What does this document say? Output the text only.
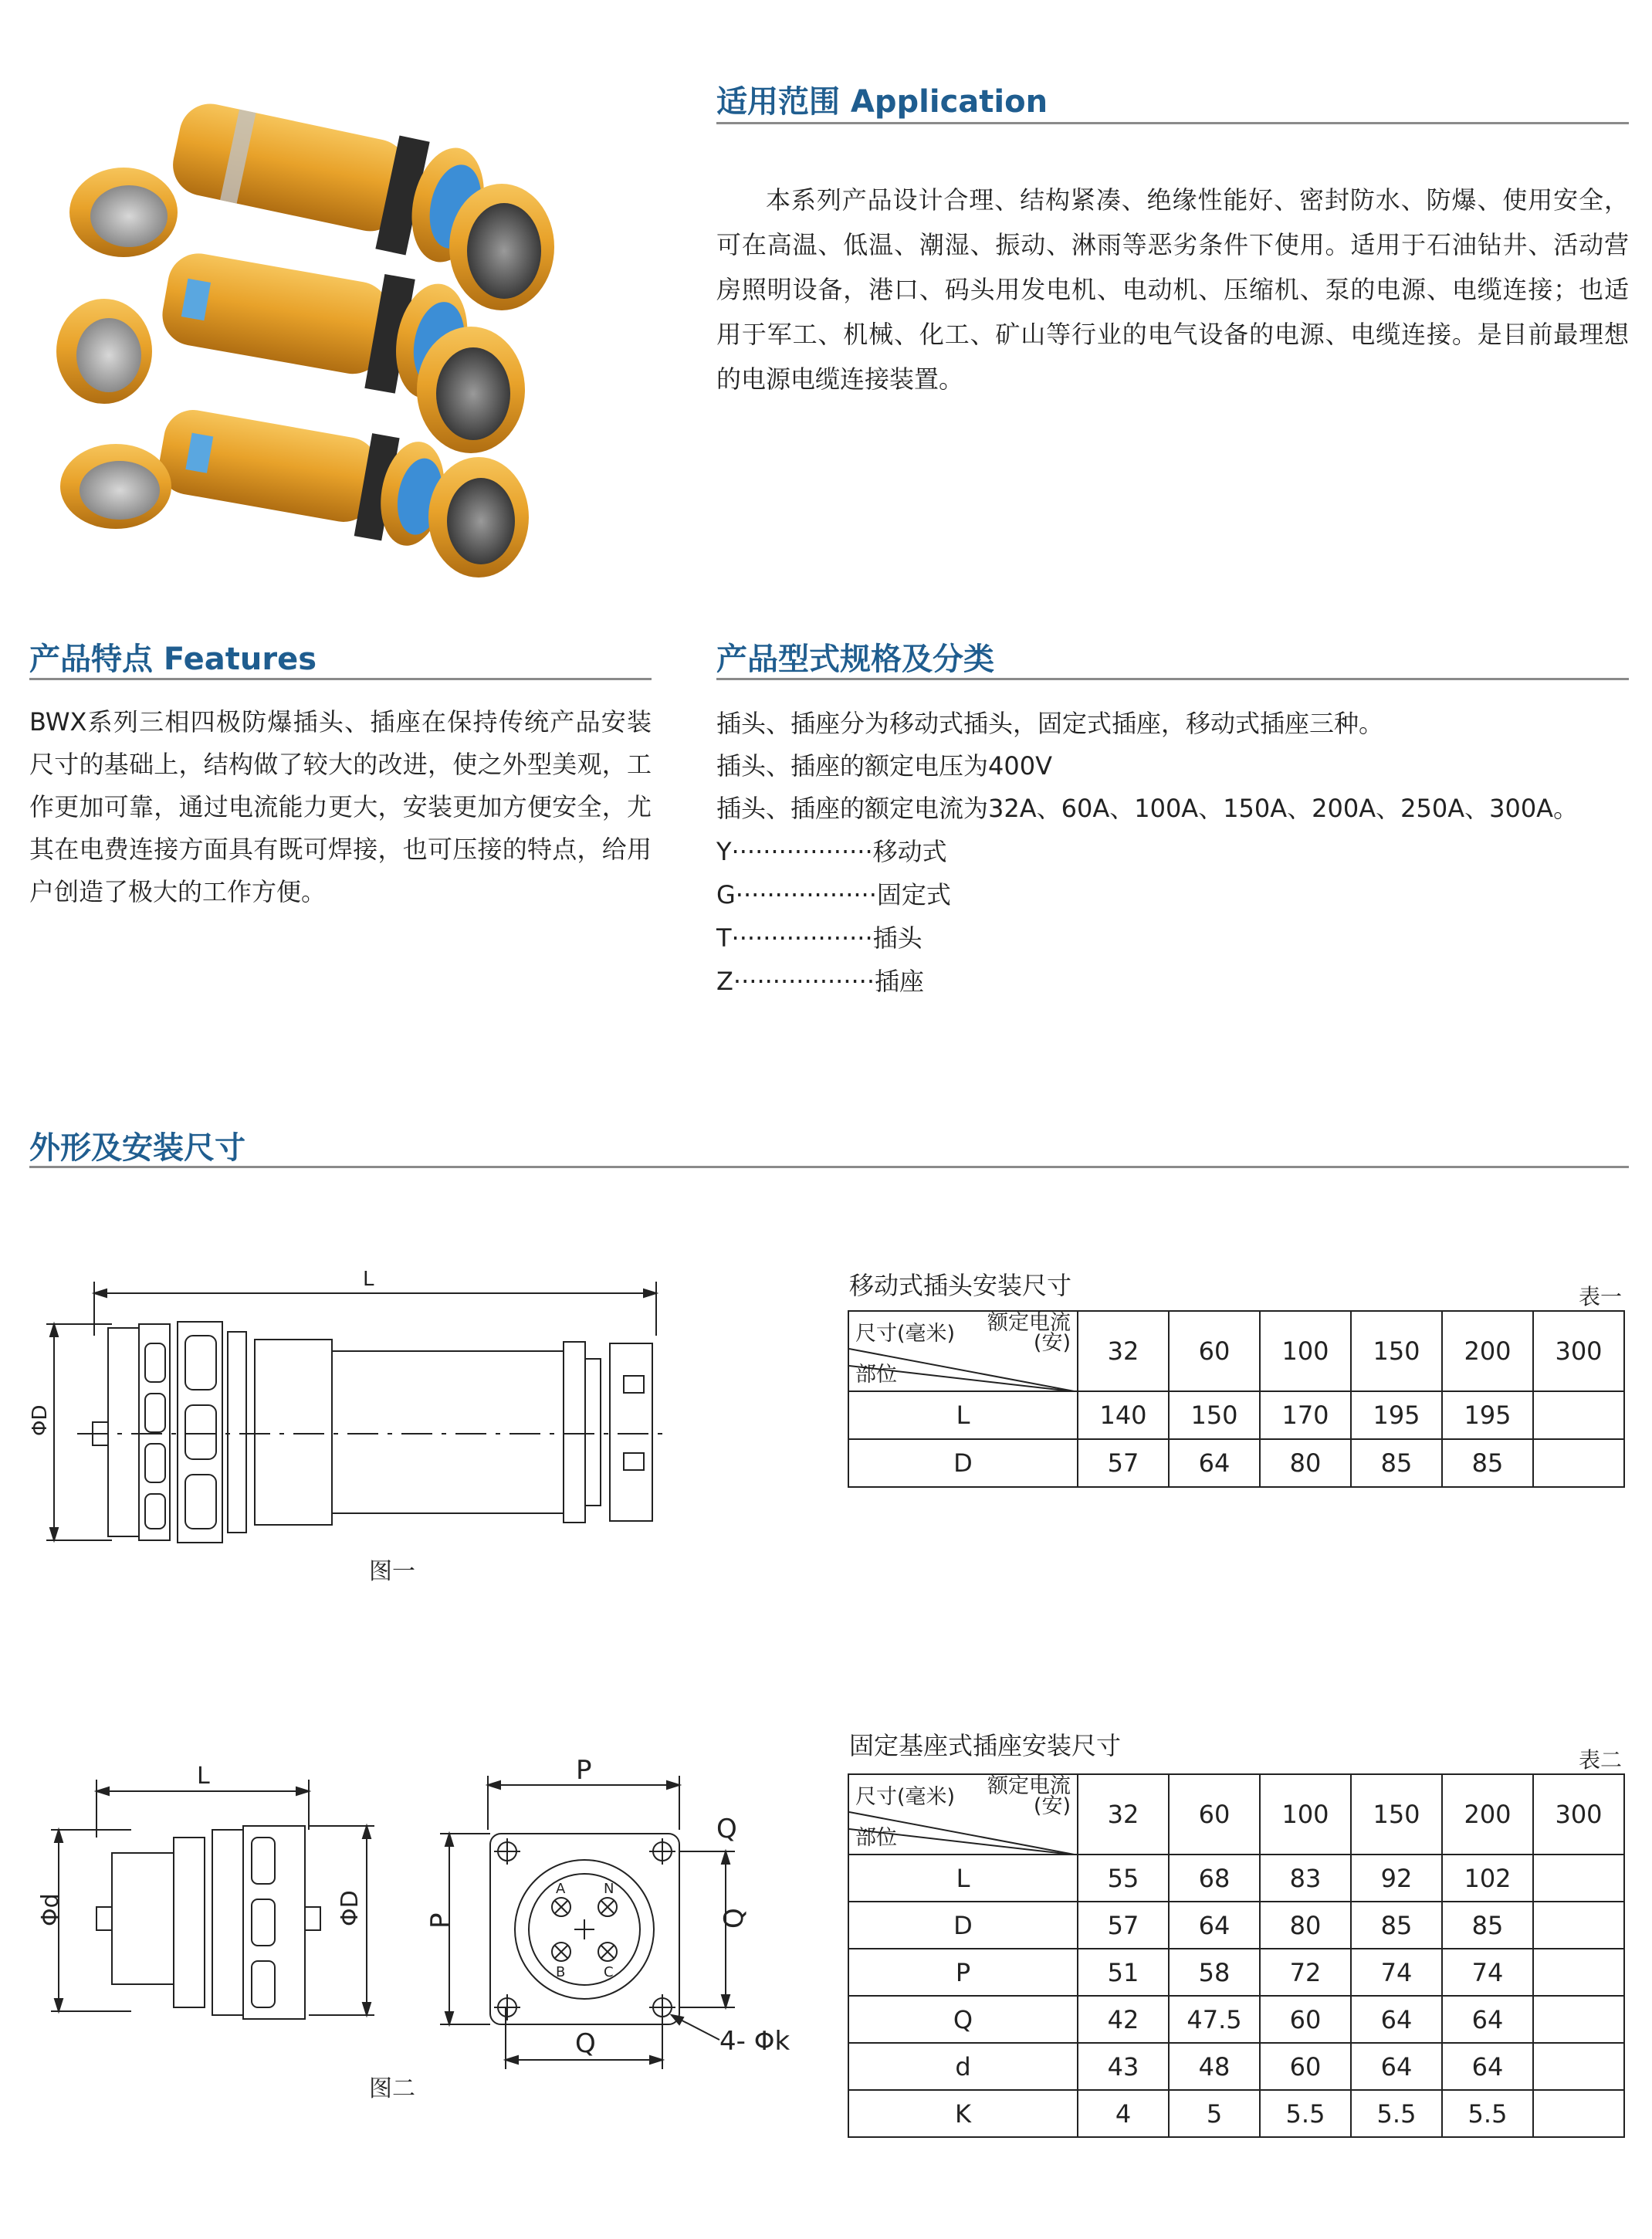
适用范围 Application

本系列产品设计合理、结构紧凑、绝缘性能好、密封防水、防爆、使用安全，可在高温、低温、潮湿、振动、淋雨等恶劣条件下使用。适用于石油钻井、活动营房照明设备，港口、码头用发电机、电动机、压缩机、泵的电源、电缆连接；也适用于军工、机械、化工、矿山等行业的电气设备的电源、电缆连接。是目前最理想的电源电缆连接装置。

产品特点 Features

BWX系列三相四极防爆插头、插座在保持传统产品安装尺寸的基础上，结构做了较大的改进，使之外型美观，工作更加可靠，通过电流能力更大，安装更加方便安全，尤其在电费连接方面具有既可焊接，也可压接的特点，给用户创造了极大的工作方便。

产品型式规格及分类
插头、插座分为移动式插头，固定式插座，移动式插座三种。
插头、插座的额定电压为400V
插头、插座的额定电流为32A、60A、100A、150A、200A、250A、300A。
Y··················移动式
G··················固定式
T··················插头
Z··················插座
外形及安装尺寸
L
ΦD
图一
L
Φd	ΦD
P
P
Q
Q
Q
A	N
B	C
4- Φk
图二
移动式插头安装尺寸	表一
尺寸(毫米) 额定电流
(安)
部位	32	60	100	150	200	300
L	140	150	170	195	195	
D	57	64	80	85	85	
固定基座式插座安装尺寸	表二
尺寸(毫米) 额定电流
(安)
部位	32	60	100	150	200	300
L	55	68	83	92	102	
D	57	64	80	85	85	
P	51	58	72	74	74	
Q	42	47.5	60	64	64	
d	43	48	60	64	64	
K	4	5	5.5	5.5	5.5	
